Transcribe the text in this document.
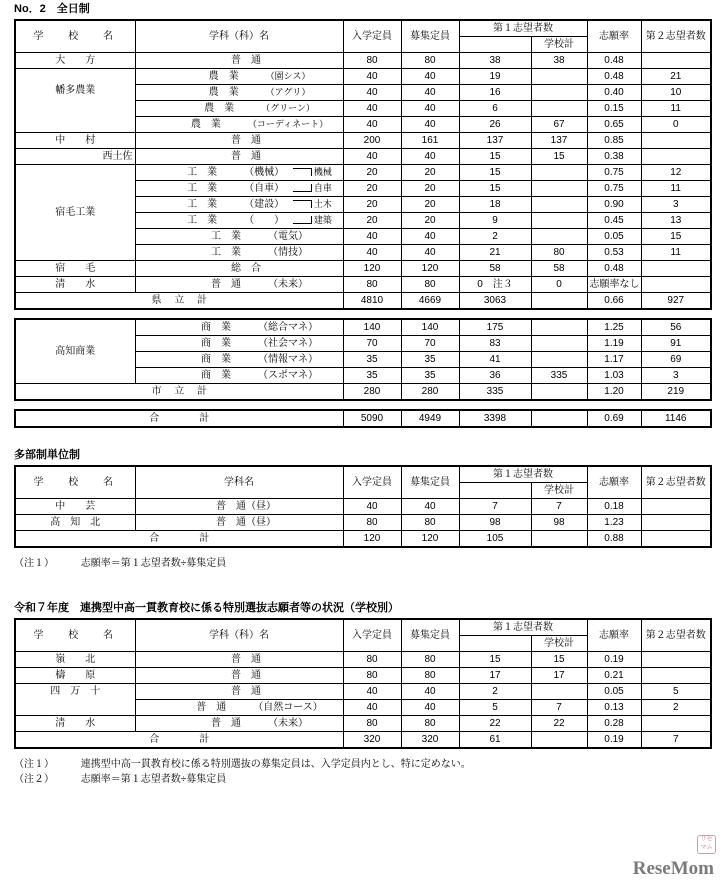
No．2　全日制
学　 校　 名	学科（科）名	入学定員	募集定員	第１志望者数		志願率	第２志望者数
					学校計		
大　　方	普　通	80	80	38	38	0.48	
幡多農業	農　業 （園シス）	40	40	19		0.48	21
	農　業 （アグリ）	40	40	16		0.40	10
	農　業 （グリーン）	40	40	6		0.15	11
	農　業 （コーディネート）	40	40	26	67	0.65	0
中　　村	普　通	200	161	137	137	0.85	
西土佐	普　通	40	40	15	15	0.38	
宿毛工業	工　業 （機械） 機械	20	20	15		0.75	12
	工　業 （自車） 自車	20	20	15		0.75	11
	工　業 （建設） 土木	20	20	18		0.90	3
	工　業 （　　） 建築	20	20	9		0.45	13
	工　業 （電気）	40	40	2		0.05	15
	工　業 （情技）	40	40	21	80	0.53	11
宿　　毛	総　合	120	120	58	58	0.48	
清　　水	普　通 （未来）	80	80	0　注３	0	志願率なし	
県　 立　 計		4810	4669	3063		0.66	927
高知商業	商　業 （総合マネ）	140	140	175		1.25	56
	商　業 （社会マネ）	70	70	83		1.19	91
	商　業 （情報マネ）	35	35	41		1.17	69
	商　業 （スポマネ）	35	35	36	335	1.03	3
市　 立　 計		280	280	335		1.20	219
合　　　　計	5090	4949	3398		0.69	1146
多部制単位制
学　 校　 名	学科名	入学定員	募集定員	第１志望者数		志願率	第２志望者数
					学校計		
中　　芸	普　通（昼）	40	40	7	7	0.18	
高　知　北	普　通（昼）	80	80	98	98	1.23	
合　　　　計		120	120	105		0.88	
（注１）	志願率＝第１志望者数÷募集定員
令和７年度　連携型中高一貫教育校に係る特別選抜志願者等の状況（学校別）
学　 校　 名	学科（科）名	入学定員	募集定員	第１志望者数		志願率	第２志望者数
					学校計		
嶺　　北	普　通	80	80	15	15	0.19	
檮　　原	普　通	80	80	17	17	0.21	
四　万　十	普　通	40	40	2		0.05	5
	普　通 （自然コース）	40	40	5	7	0.13	2
清　　水	普　通 （未来）	80	80	22	22	0.28	
合　　　　計		320	320	61		0.19	7
（注１）	連携型中高一貫教育校に係る特別選抜の募集定員は、入学定員内とし、特に定めない。
（注２）	志願率＝第１志望者数÷募集定員
リセマム
ReseMom
